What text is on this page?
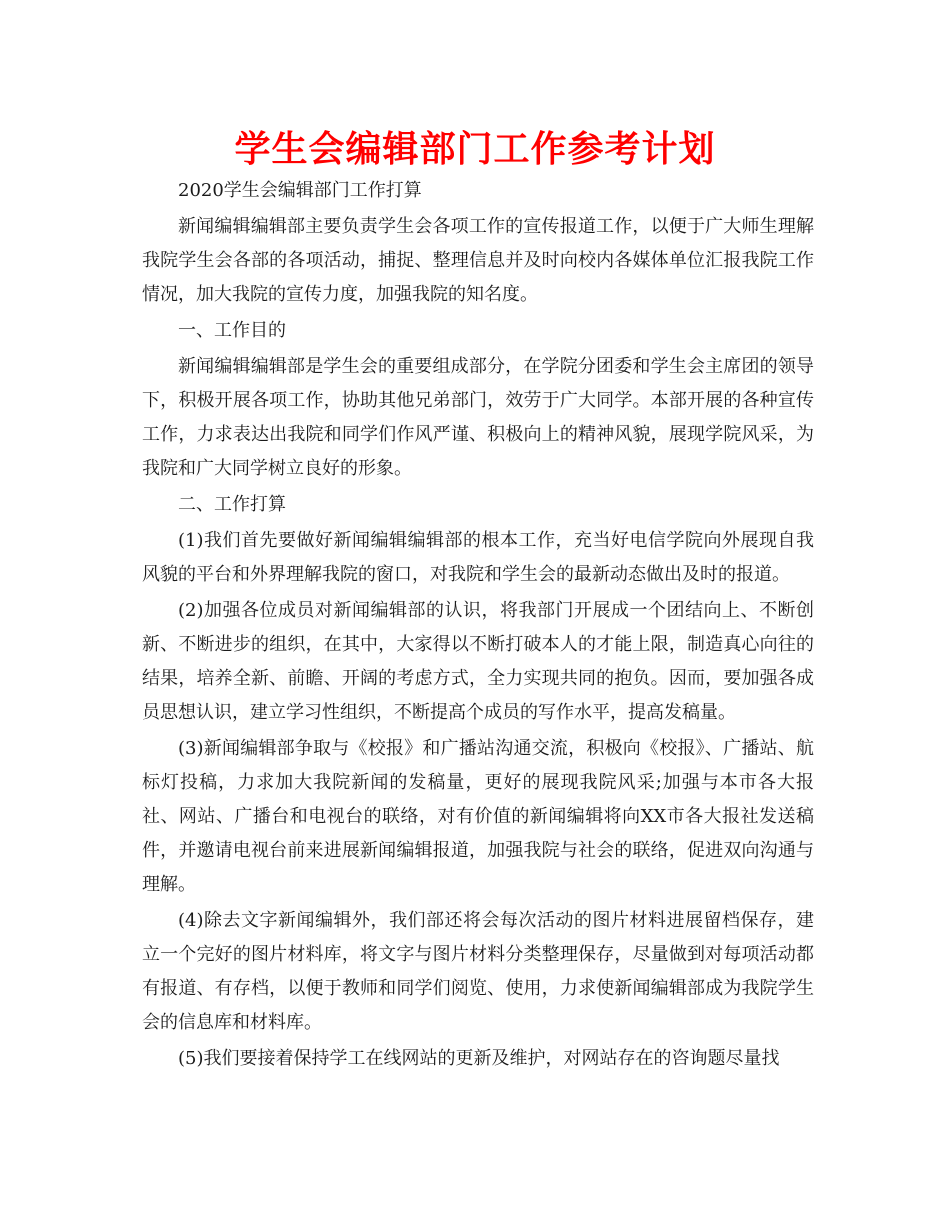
学生会编辑部门工作参考计划

2020学生会编辑部门工作打算

新闻编辑编辑部主要负责学生会各项工作的宣传报道工作，以便于广大师生理解我院学生会各部的各项活动，捕捉、整理信息并及时向校内各媒体单位汇报我院工作情况，加大我院的宣传力度，加强我院的知名度。

一、工作目的

新闻编辑编辑部是学生会的重要组成部分，在学院分团委和学生会主席团的领导下，积极开展各项工作，协助其他兄弟部门，效劳于广大同学。本部开展的各种宣传工作，力求表达出我院和同学们作风严谨、积极向上的精神风貌，展现学院风采，为我院和广大同学树立良好的形象。

二、工作打算

(1)我们首先要做好新闻编辑编辑部的根本工作，充当好电信学院向外展现自我风貌的平台和外界理解我院的窗口，对我院和学生会的最新动态做出及时的报道。

(2)加强各位成员对新闻编辑部的认识，将我部门开展成一个团结向上、不断创新、不断进步的组织，在其中，大家得以不断打破本人的才能上限，制造真心向往的结果，培养全新、前瞻、开阔的考虑方式，全力实现共同的抱负。因而，要加强各成员思想认识，建立学习性组织，不断提高个成员的写作水平，提高发稿量。

(3)新闻编辑部争取与《校报》和广播站沟通交流，积极向《校报》、广播站、航标灯投稿，力求加大我院新闻的发稿量，更好的展现我院风采;加强与本市各大报社、网站、广播台和电视台的联络，对有价值的新闻编辑将向XX市各大报社发送稿件，并邀请电视台前来进展新闻编辑报道，加强我院与社会的联络，促进双向沟通与理解。

(4)除去文字新闻编辑外，我们部还将会每次活动的图片材料进展留档保存，建立一个完好的图片材料库，将文字与图片材料分类整理保存，尽量做到对每项活动都有报道、有存档，以便于教师和同学们阅览、使用，力求使新闻编辑部成为我院学生会的信息库和材料库。

(5)我们要接着保持学工在线网站的更新及维护，对网站存在的咨询题尽量找
